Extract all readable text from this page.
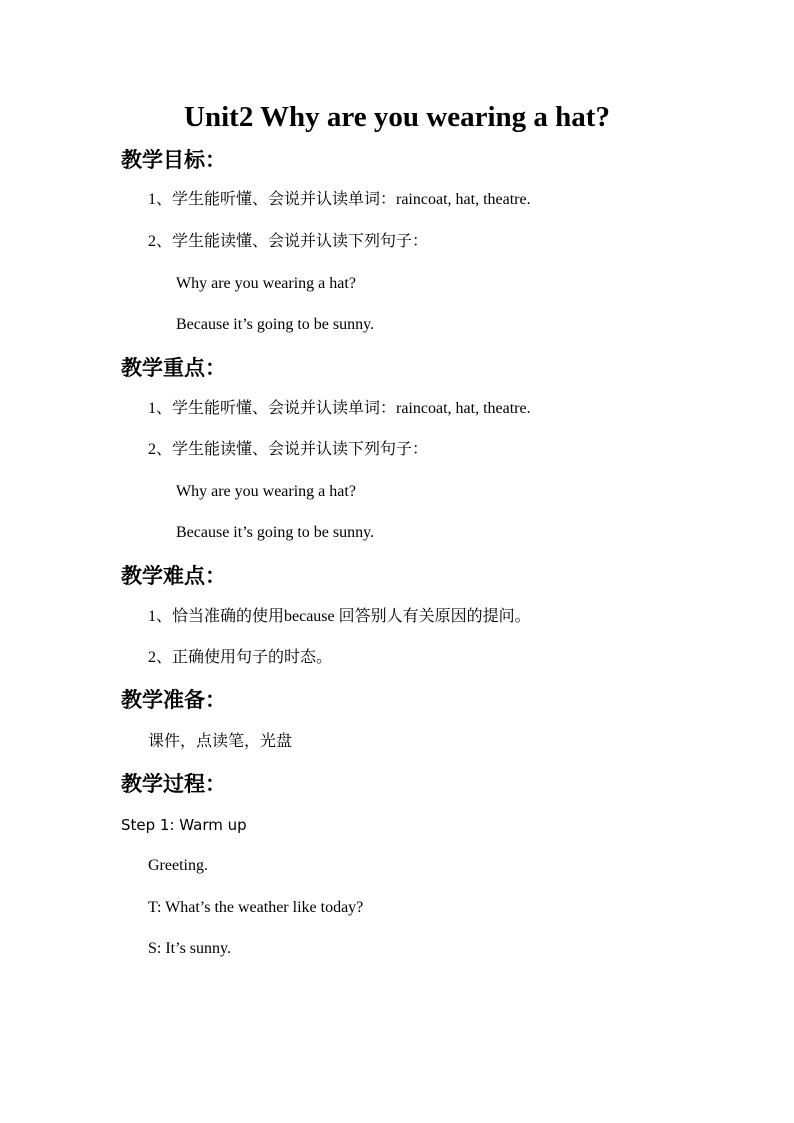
Unit2 Why are you wearing a hat?
教学目标：
1、学生能听懂、会说并认读单词：raincoat, hat, theatre.
2、学生能读懂、会说并认读下列句子：
Why are you wearing a hat?
Because it’s going to be sunny.
教学重点：
1、学生能听懂、会说并认读单词：raincoat, hat, theatre.
2、学生能读懂、会说并认读下列句子：
Why are you wearing a hat?
Because it’s going to be sunny.
教学难点：
1、恰当准确的使用because 回答别人有关原因的提问。
2、正确使用句子的时态。
教学准备：
课件，点读笔，光盘
教学过程：
Step 1: Warm up
Greeting.
T: What’s the weather like today?
S: It’s sunny.
